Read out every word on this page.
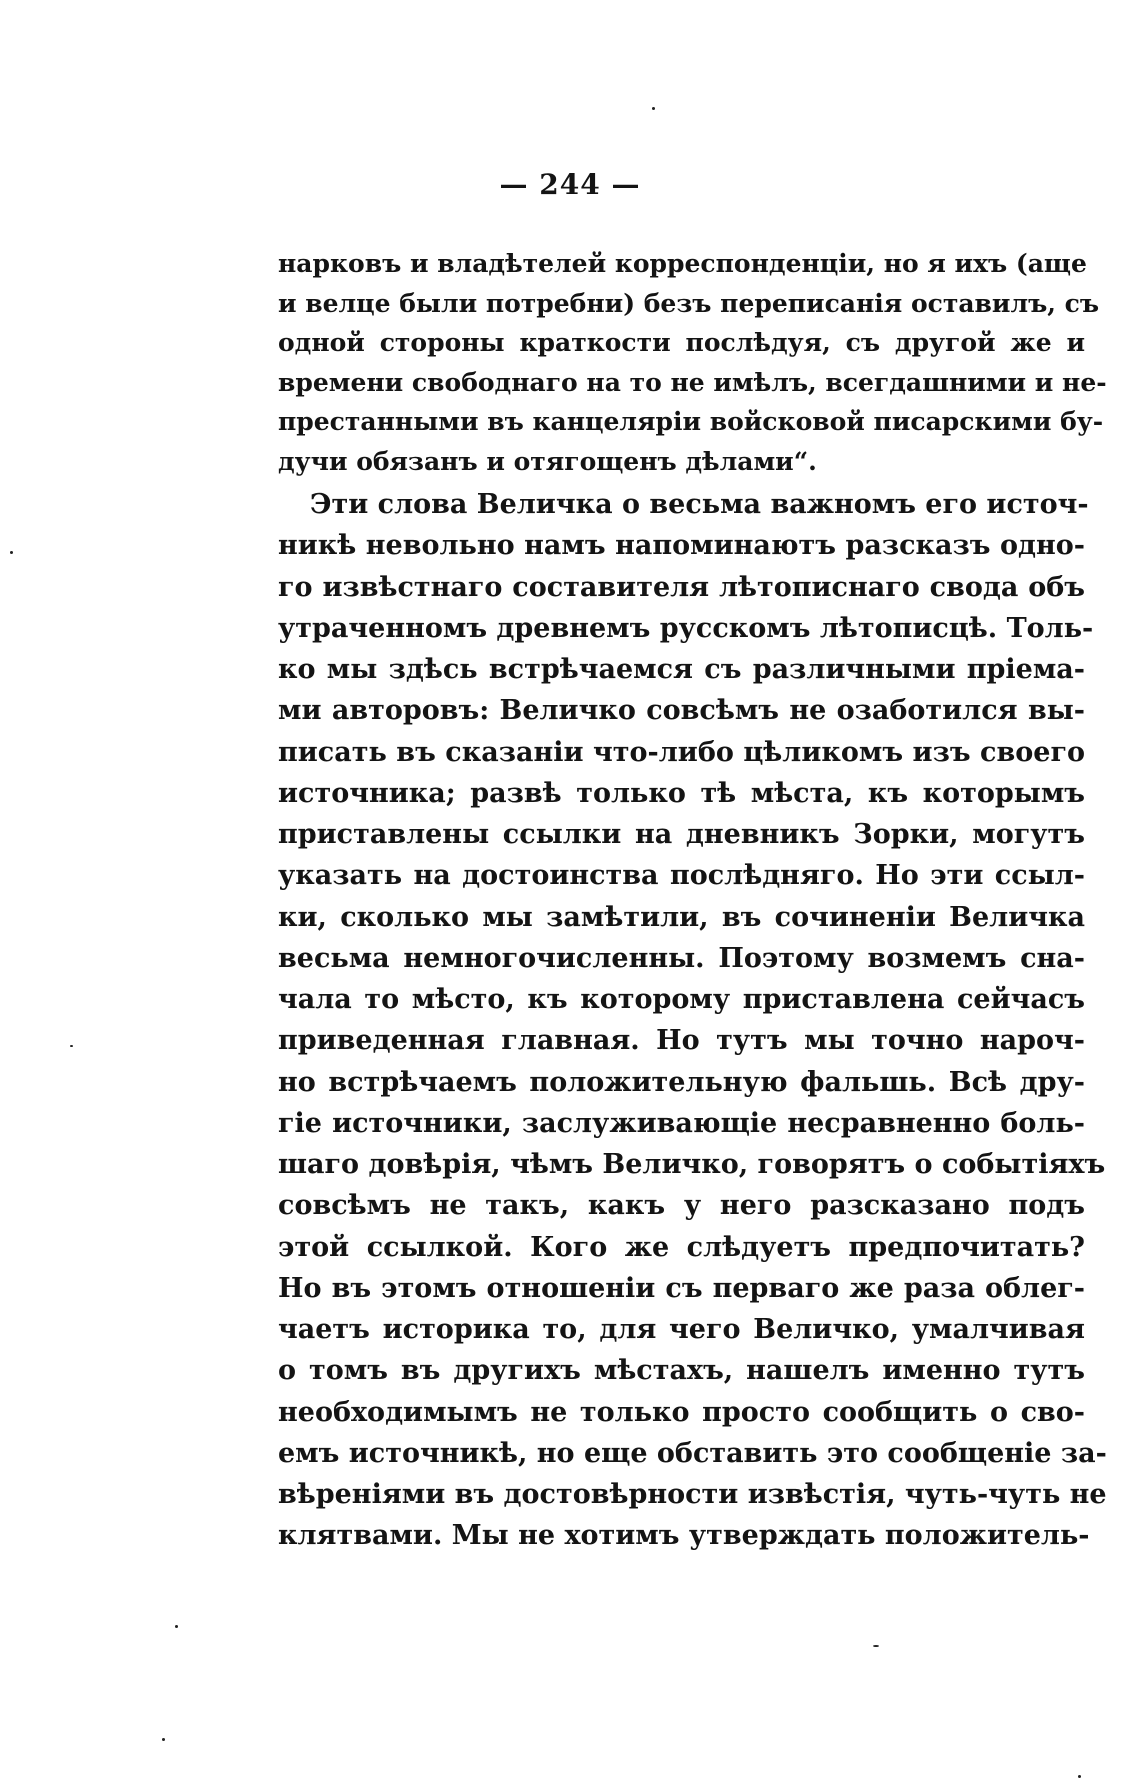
— 244 —
нарковъ и владѣтелей корреспонденціи, но я ихъ (аще
и велце были потребни) безъ переписанія оставилъ, съ
одной стороны краткости послѣдуя, съ другой же и
времени свободнаго на то не имѣлъ, всегдашними и не-
престанными въ канцеляріи войсковой писарскими бу-
дучи обязанъ и отягощенъ дѣлами“.
Эти слова Величка о весьма важномъ его источ-
никѣ невольно намъ напоминаютъ разсказъ одно-
го извѣстнаго составителя лѣтописнаго свода объ
утраченномъ древнемъ русскомъ лѣтописцѣ. Толь-
ко мы здѣсь встрѣчаемся съ различными пріема-
ми авторовъ: Величко совсѣмъ не озаботился вы-
писать въ сказаніи что-либо цѣликомъ изъ своего
источника; развѣ только тѣ мѣста, къ которымъ
приставлены ссылки на дневникъ Зорки, могутъ
указать на достоинства послѣдняго. Но эти ссыл-
ки, сколько мы замѣтили, въ сочиненіи Величка
весьма немногочисленны. Поэтому возмемъ сна-
чала то мѣсто, къ которому приставлена сейчасъ
приведенная главная. Но тутъ мы точно нароч-
но встрѣчаемъ положительную фальшь. Всѣ дру-
гіе источники, заслуживающіе несравненно боль-
шаго довѣрія, чѣмъ Величко, говорятъ о событіяхъ
совсѣмъ не такъ, какъ у него разсказано подъ
этой ссылкой. Кого же слѣдуетъ предпочитать?
Но въ этомъ отношеніи съ перваго же раза облег-
чаетъ историка то, для чего Величко, умалчивая
о томъ въ другихъ мѣстахъ, нашелъ именно тутъ
необходимымъ не только просто сообщить о сво-
емъ источникѣ, но еще обставить это сообщеніе за-
вѣреніями въ достовѣрности извѣстія, чуть-чуть не
клятвами. Мы не хотимъ утверждать положитель-
